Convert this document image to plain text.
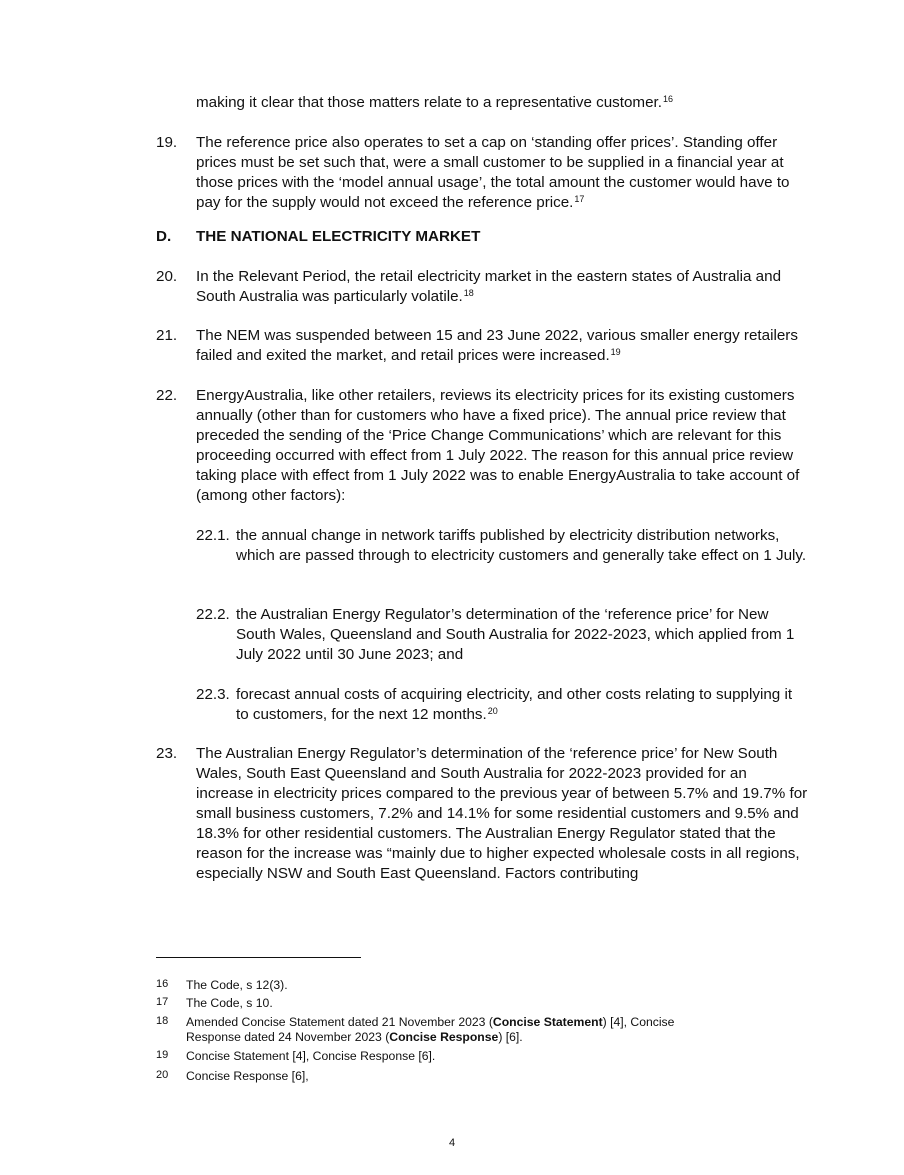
making it clear that those matters relate to a representative customer.$^{16}$

19. The reference price also operates to set a cap on ‘standing offer prices’. Standing offer prices must be set such that, were a small customer to be supplied in a financial year at those prices with the ‘model annual usage’, the total amount the customer would have to pay for the supply would not exceed the reference price.$^{17}$

D. THE NATIONAL ELECTRICITY MARKET

20. In the Relevant Period, the retail electricity market in the eastern states of Australia and South Australia was particularly volatile.$^{18}$

21. The NEM was suspended between 15 and 23 June 2022, various smaller energy retailers failed and exited the market, and retail prices were increased.$^{19}$

22. EnergyAustralia, like other retailers, reviews its electricity prices for its existing customers annually (other than for customers who have a fixed price). The annual price review that preceded the sending of the ‘Price Change Communications’ which are relevant for this proceeding occurred with effect from 1 July 2022. The reason for this annual price review taking place with effect from 1 July 2022 was to enable EnergyAustralia to take account of (among other factors):

22.1. the annual change in network tariffs published by electricity distribution networks, which are passed through to electricity customers and generally take effect on 1 July.

22.2. the Australian Energy Regulator’s determination of the ‘reference price’ for New South Wales, Queensland and South Australia for 2022-2023, which applied from 1 July 2022 until 30 June 2023; and

22.3. forecast annual costs of acquiring electricity, and other costs relating to supplying it to customers, for the next 12 months.$^{20}$

23. The Australian Energy Regulator’s determination of the ‘reference price’ for New South Wales, South East Queensland and South Australia for 2022-2023 provided for an increase in electricity prices compared to the previous year of between 5.7% and 19.7% for small business customers, 7.2% and 14.1% for some residential customers and 9.5% and 18.3% for other residential customers. The Australian Energy Regulator stated that the reason for the increase was “mainly due to higher expected wholesale costs in all regions, especially NSW and South East Queensland. Factors contributing

16 The Code, s 12(3).
17 The Code, s 10.
18 Amended Concise Statement dated 21 November 2023 (Concise Statement) [4], Concise Response dated 24 November 2023 (Concise Response) [6].
19 Concise Statement [4], Concise Response [6].
20 Concise Response [6],
4
